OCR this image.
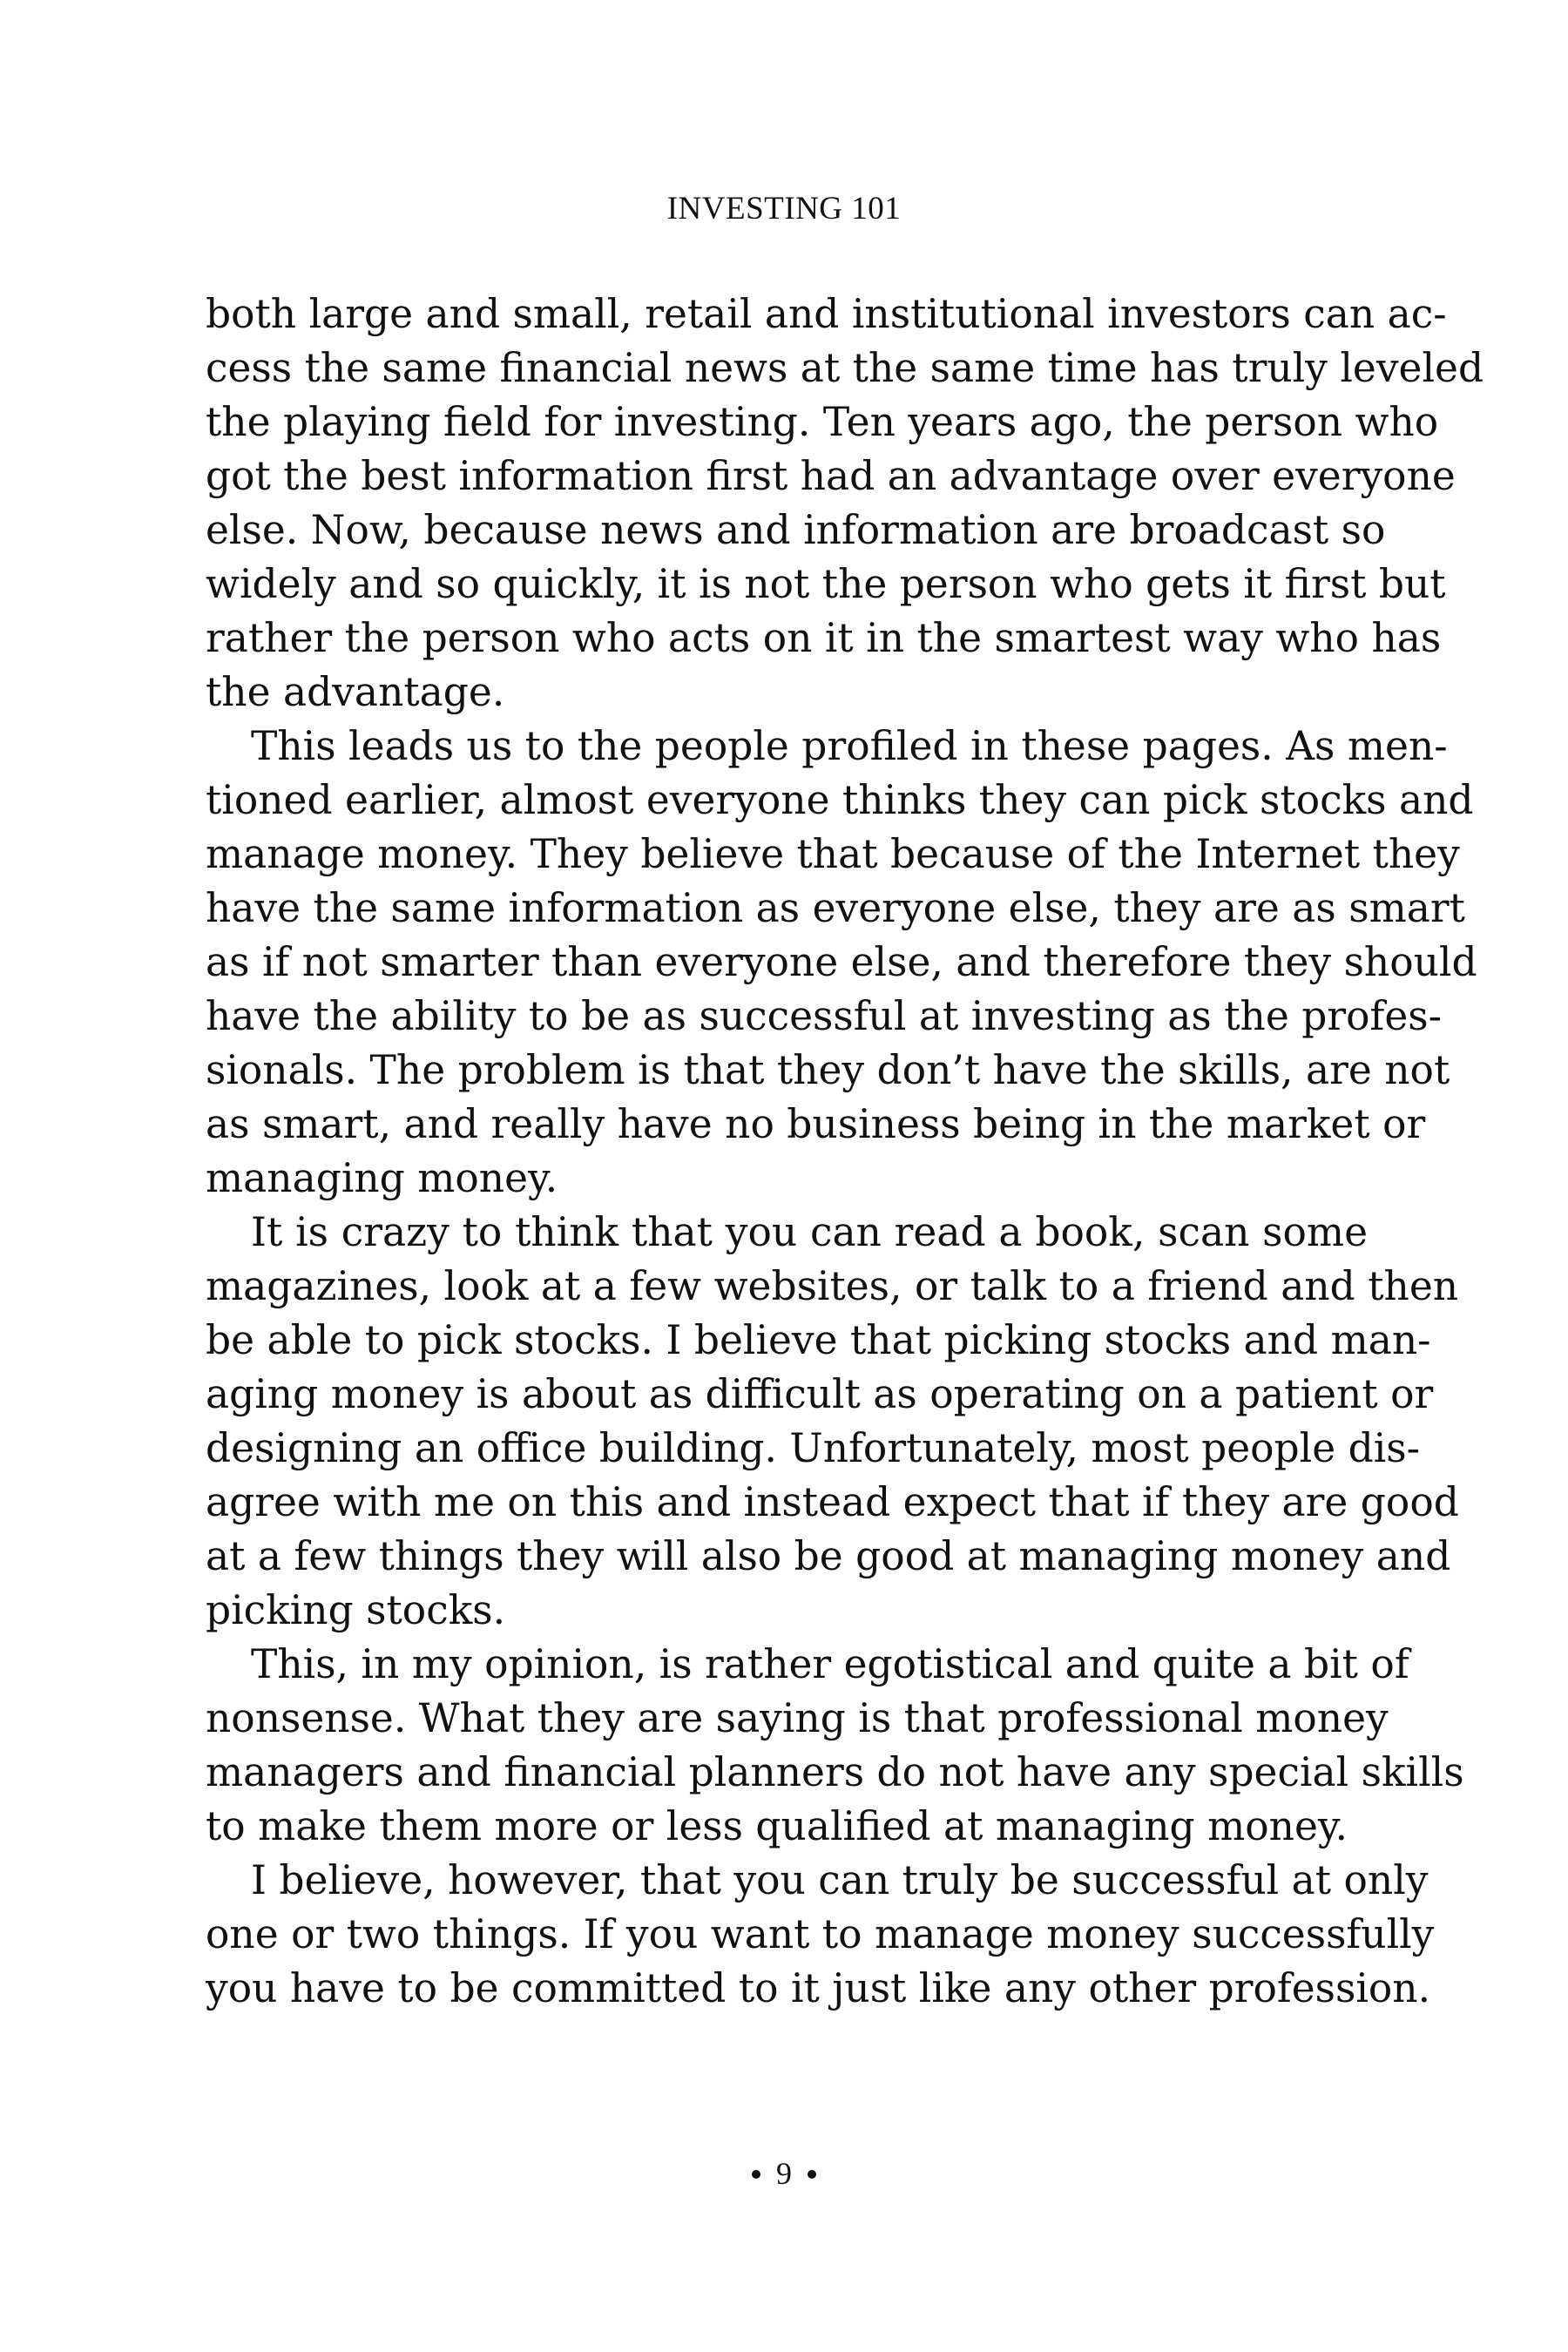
INVESTING 101

both large and small, retail and institutional investors can ac-
cess the same financial news at the same time has truly leveled
the playing field for investing. Ten years ago, the person who
got the best information first had an advantage over everyone
else. Now, because news and information are broadcast so
widely and so quickly, it is not the person who gets it first but
rather the person who acts on it in the smartest way who has
the advantage.

This leads us to the people profiled in these pages. As men-
tioned earlier, almost everyone thinks they can pick stocks and
manage money. They believe that because of the Internet they
have the same information as everyone else, they are as smart
as if not smarter than everyone else, and therefore they should
have the ability to be as successful at investing as the profes-
sionals. The problem is that they don’t have the skills, are not
as smart, and really have no business being in the market or
managing money.

It is crazy to think that you can read a book, scan some
magazines, look at a few websites, or talk to a friend and then
be able to pick stocks. I believe that picking stocks and man-
aging money is about as difficult as operating on a patient or
designing an office building. Unfortunately, most people dis-
agree with me on this and instead expect that if they are good
at a few things they will also be good at managing money and
picking stocks.

This, in my opinion, is rather egotistical and quite a bit of
nonsense. What they are saying is that professional money
managers and financial planners do not have any special skills
to make them more or less qualified at managing money.

I believe, however, that you can truly be successful at only
one or two things. If you want to manage money successfully
you have to be committed to it just like any other profession.

9
